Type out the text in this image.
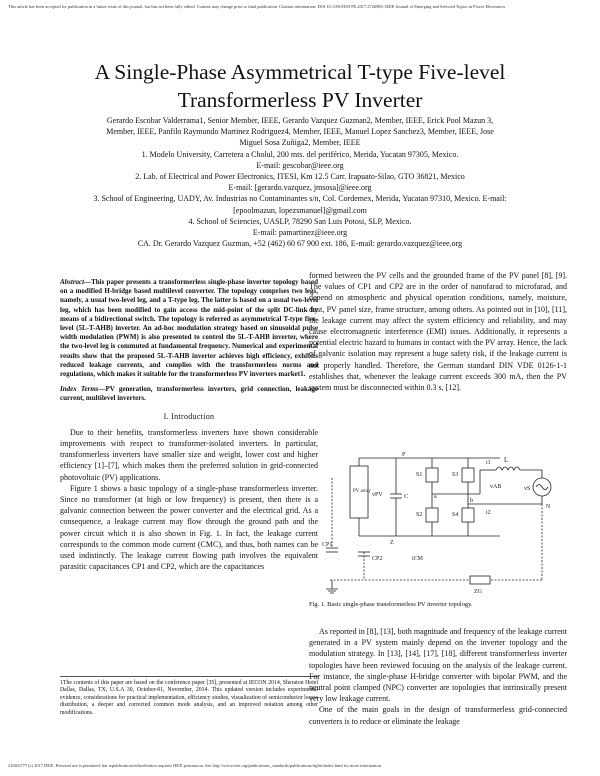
This article has been accepted for publication in a future issue of this journal, but has not been fully edited. Content may change prior to final publication. Citation information: DOI 10.1109/JESTPE.2017.2726989, IEEE Journal of Emerging and Selected Topics in Power Electronics
A Single-Phase Asymmetrical T-type Five-level Transformerless PV Inverter
Gerardo Escobar Valderrama1, Senior Member, IEEE, Gerardo Vazquez Guzman2, Member, IEEE, Erick Pool Mazun 3,
Member, IEEE, Panfilo Raymundo Martinez Rodriguez4, Member, IEEE, Manuel Lopez Sanchez3, Member, IEEE, Jose
Miguel Sosa Zuñiga2, Member, IEEE
1. Modelo University, Carretera a Cholul, 200 mts. del periférico, Merida, Yucatan 97305, Mexico.
E-mail: gescobar@ieee.org
2. Lab. of Electrical and Power Electronics, ITESI, Km 12.5 Carr. Irapuato-Silao, GTO 36821, Mexico
E-mail: [gerardo.vazquez, jmsosa]@ieee.org
3. School of Engineering, UADY, Av. Industrias no Contaminantes s/n, Col. Cordemex, Merida, Yucatan 97310, Mexico. E-mail:
[epoolmazun, lopezsmanuel]@gmail.com
4. School of Sciencies, UASLP, 78290 San Luis Potosi, SLP, Mexico.
E-mail: pamartinez@ieee.org
CA. Dr. Gerardo Vazquez Guzman, +52 (462) 60 67 900 ext. 186, E-mail: gerardo.vazquez@ieee.org
Abstract—This paper presents a transformerless single-phase inverter topology based on a modified H-bridge based multilevel converter. The topology comprises two legs, namely, a usual two-level leg, and a T-type leg. The latter is based on a usual two-level leg, which has been modified to gain access the mid-point of the split DC-link by means of a bidirectional switch. The topology is referred as asymmetrical T-type five-level (5L-T-AHB) inverter. An ad-hoc modulation strategy based on sinusoidal pulse width modulation (PWM) is also presented to control the 5L-T-AHB inverter, where the two-level leg is commuted at fundamental frequency. Numerical and experimental results show that the proposed 5L-T-AHB inverter achieves high efficiency, exhibits reduced leakage currents, and complies with the transformerless norms and regulations, which makes it suitable for the transformerless PV inverters market1.
Index Terms—PV generation, transformerless inverters, grid connection, leakage current, multilevel inverters.
I. Introduction

Due to their benefits, transformerless inverters have shown considerable improvements with respect to transformer-isolated inverters. In particular, transformerless inverters have smaller size and weight, lower cost and higher efficiency [1]–[7], which makes them the preferred solution in grid-connected photovoltaic (PV) applications.

Figure 1 shows a basic topology of a single-phase transformerless inverter. Since no transformer (at high or low frequency) is present, then there is a galvanic connection between the power converter and the electrical grid. As a consequence, a leakage current may flow through the ground path and the power circuit which it is also shown in Fig. 1. In fact, the leakage current corresponds to the common mode current (CMC), and thus, both names can be used indistinctly. The leakage current flowing path involves the equivalent parasitic capacitances CP1 and CP2, which are the capacitances

1The contents of this paper are based on the conference paper [35], presented at IECON 2014, Sheraton Hotel Dallas, Dallas, TX, U.S.A 30, October-01, November, 2014. This updated version includes experimental evidence, considerations for practical implementation, efficiency studies, visualization of semiconductor losses distribution, a deeper and corrected common mode analysis, and an improved notation among other modifications.

formed between the PV cells and the grounded frame of the PV panel [8], [9]. The values of CP1 and CP2 are in the order of nanofarad to microfarad, and depend on atmospheric and physical operation conditions, namely, moisture, dust, PV panel size, frame structure, among others. As pointed out in [10], [11], the leakage current may affect the system efficiency and reliability, and may cause electromagnetic interference (EMI) issues. Additionally, it represents a potential electric hazard to humans in contact with the PV array. Hence, the lack of galvanic isolation may represent a huge safety risk, if the leakage current is not properly handled. Therefore, the German standard DIN VDE 0126-1-1 establishes that, whenever the leakage current exceeds 300 mA, then the PV system must be disconnected within 0.3 s, [12].

PV array
vPV	C
P
Z
S1	S3
S2	S4
a
b
L
i1
i2
vAB	vS
N
ZG
CP1
CP2	iCM
Fig. 1. Basic single-phase transformerless PV inverter topology.

As reported in [8], [13], both magnitude and frequency of the leakage current generated in a PV system mainly depend on the inverter topology and the modulation strategy. In [13], [14], [17], [18], different transformerless inverter topologies have been reviewed focusing on the analysis of the leakage current. For instance, the single-phase H-bridge converter with bipolar PWM, and the neutral point clamped (NPC) converter are topologies that intrinsically present very low leakage current.

One of the main goals in the design of transformerless grid-connected converters is to reduce or eliminate the leakage

2168-6777 (c) 2017 IEEE. Personal use is permitted, but republication/redistribution requires IEEE permission. See http://www.ieee.org/publications_standards/publications/rights/index.html for more information.
